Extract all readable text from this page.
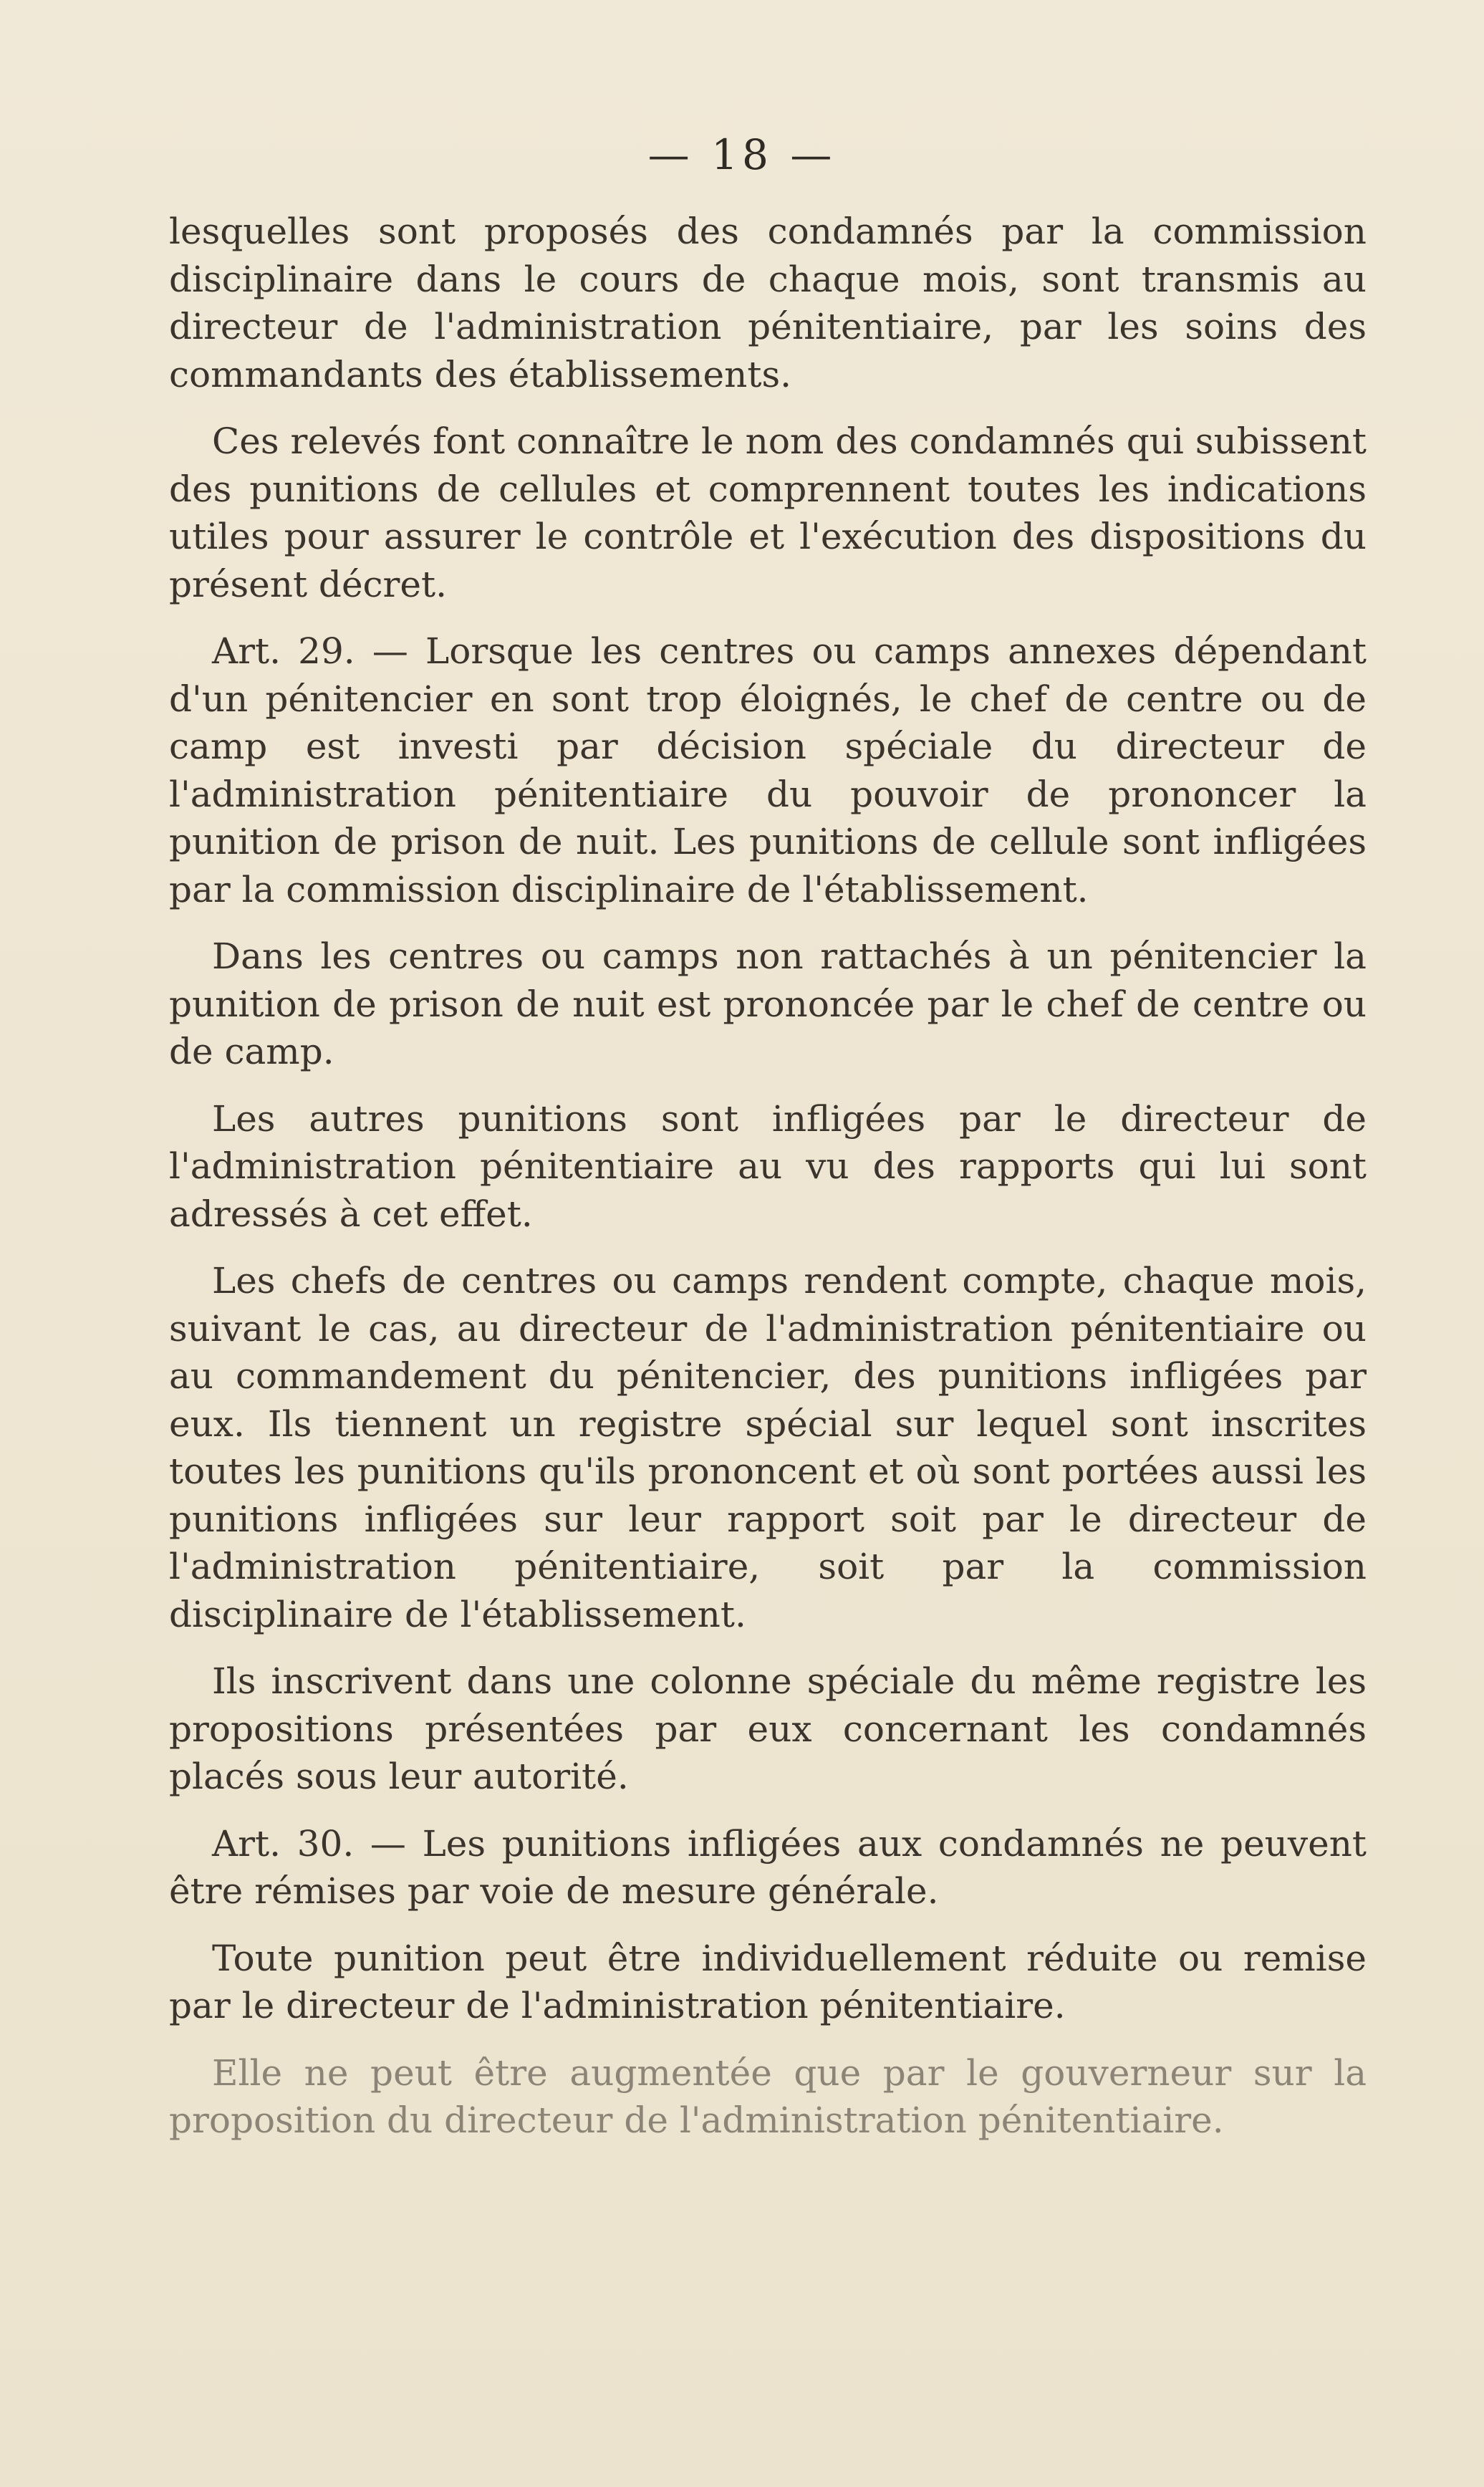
— 18 —

lesquelles sont proposés des condamnés par la commission disciplinaire dans le cours de chaque mois, sont transmis au directeur de l'administration pénitentiaire, par les soins des commandants des établissements.

Ces relevés font connaître le nom des condamnés qui subissent des punitions de cellules et comprennent toutes les indications utiles pour assurer le contrôle et l'exécution des dispositions du présent décret.

Art. 29. — Lorsque les centres ou camps annexes dépendant d'un pénitencier en sont trop éloignés, le chef de centre ou de camp est investi par décision spéciale du directeur de l'administration pénitentiaire du pouvoir de prononcer la punition de prison de nuit. Les punitions de cellule sont infligées par la commission disciplinaire de l'établissement.

Dans les centres ou camps non rattachés à un pénitencier la punition de prison de nuit est prononcée par le chef de centre ou de camp.

Les autres punitions sont infligées par le directeur de l'administration pénitentiaire au vu des rapports qui lui sont adressés à cet effet.

Les chefs de centres ou camps rendent compte, chaque mois, suivant le cas, au directeur de l'administration pénitentiaire ou au commandement du pénitencier, des punitions infligées par eux. Ils tiennent un registre spécial sur lequel sont inscrites toutes les punitions qu'ils prononcent et où sont portées aussi les punitions infligées sur leur rapport soit par le directeur de l'administration pénitentiaire, soit par la commission disciplinaire de l'établissement.

Ils inscrivent dans une colonne spéciale du même registre les propositions présentées par eux concernant les condamnés placés sous leur autorité.

Art. 30. — Les punitions infligées aux condamnés ne peuvent être rémises par voie de mesure générale.

Toute punition peut être individuellement réduite ou remise par le directeur de l'administration pénitentiaire.

Elle ne peut être augmentée que par le gouverneur sur la proposition du directeur de l'administration pénitentiaire.
